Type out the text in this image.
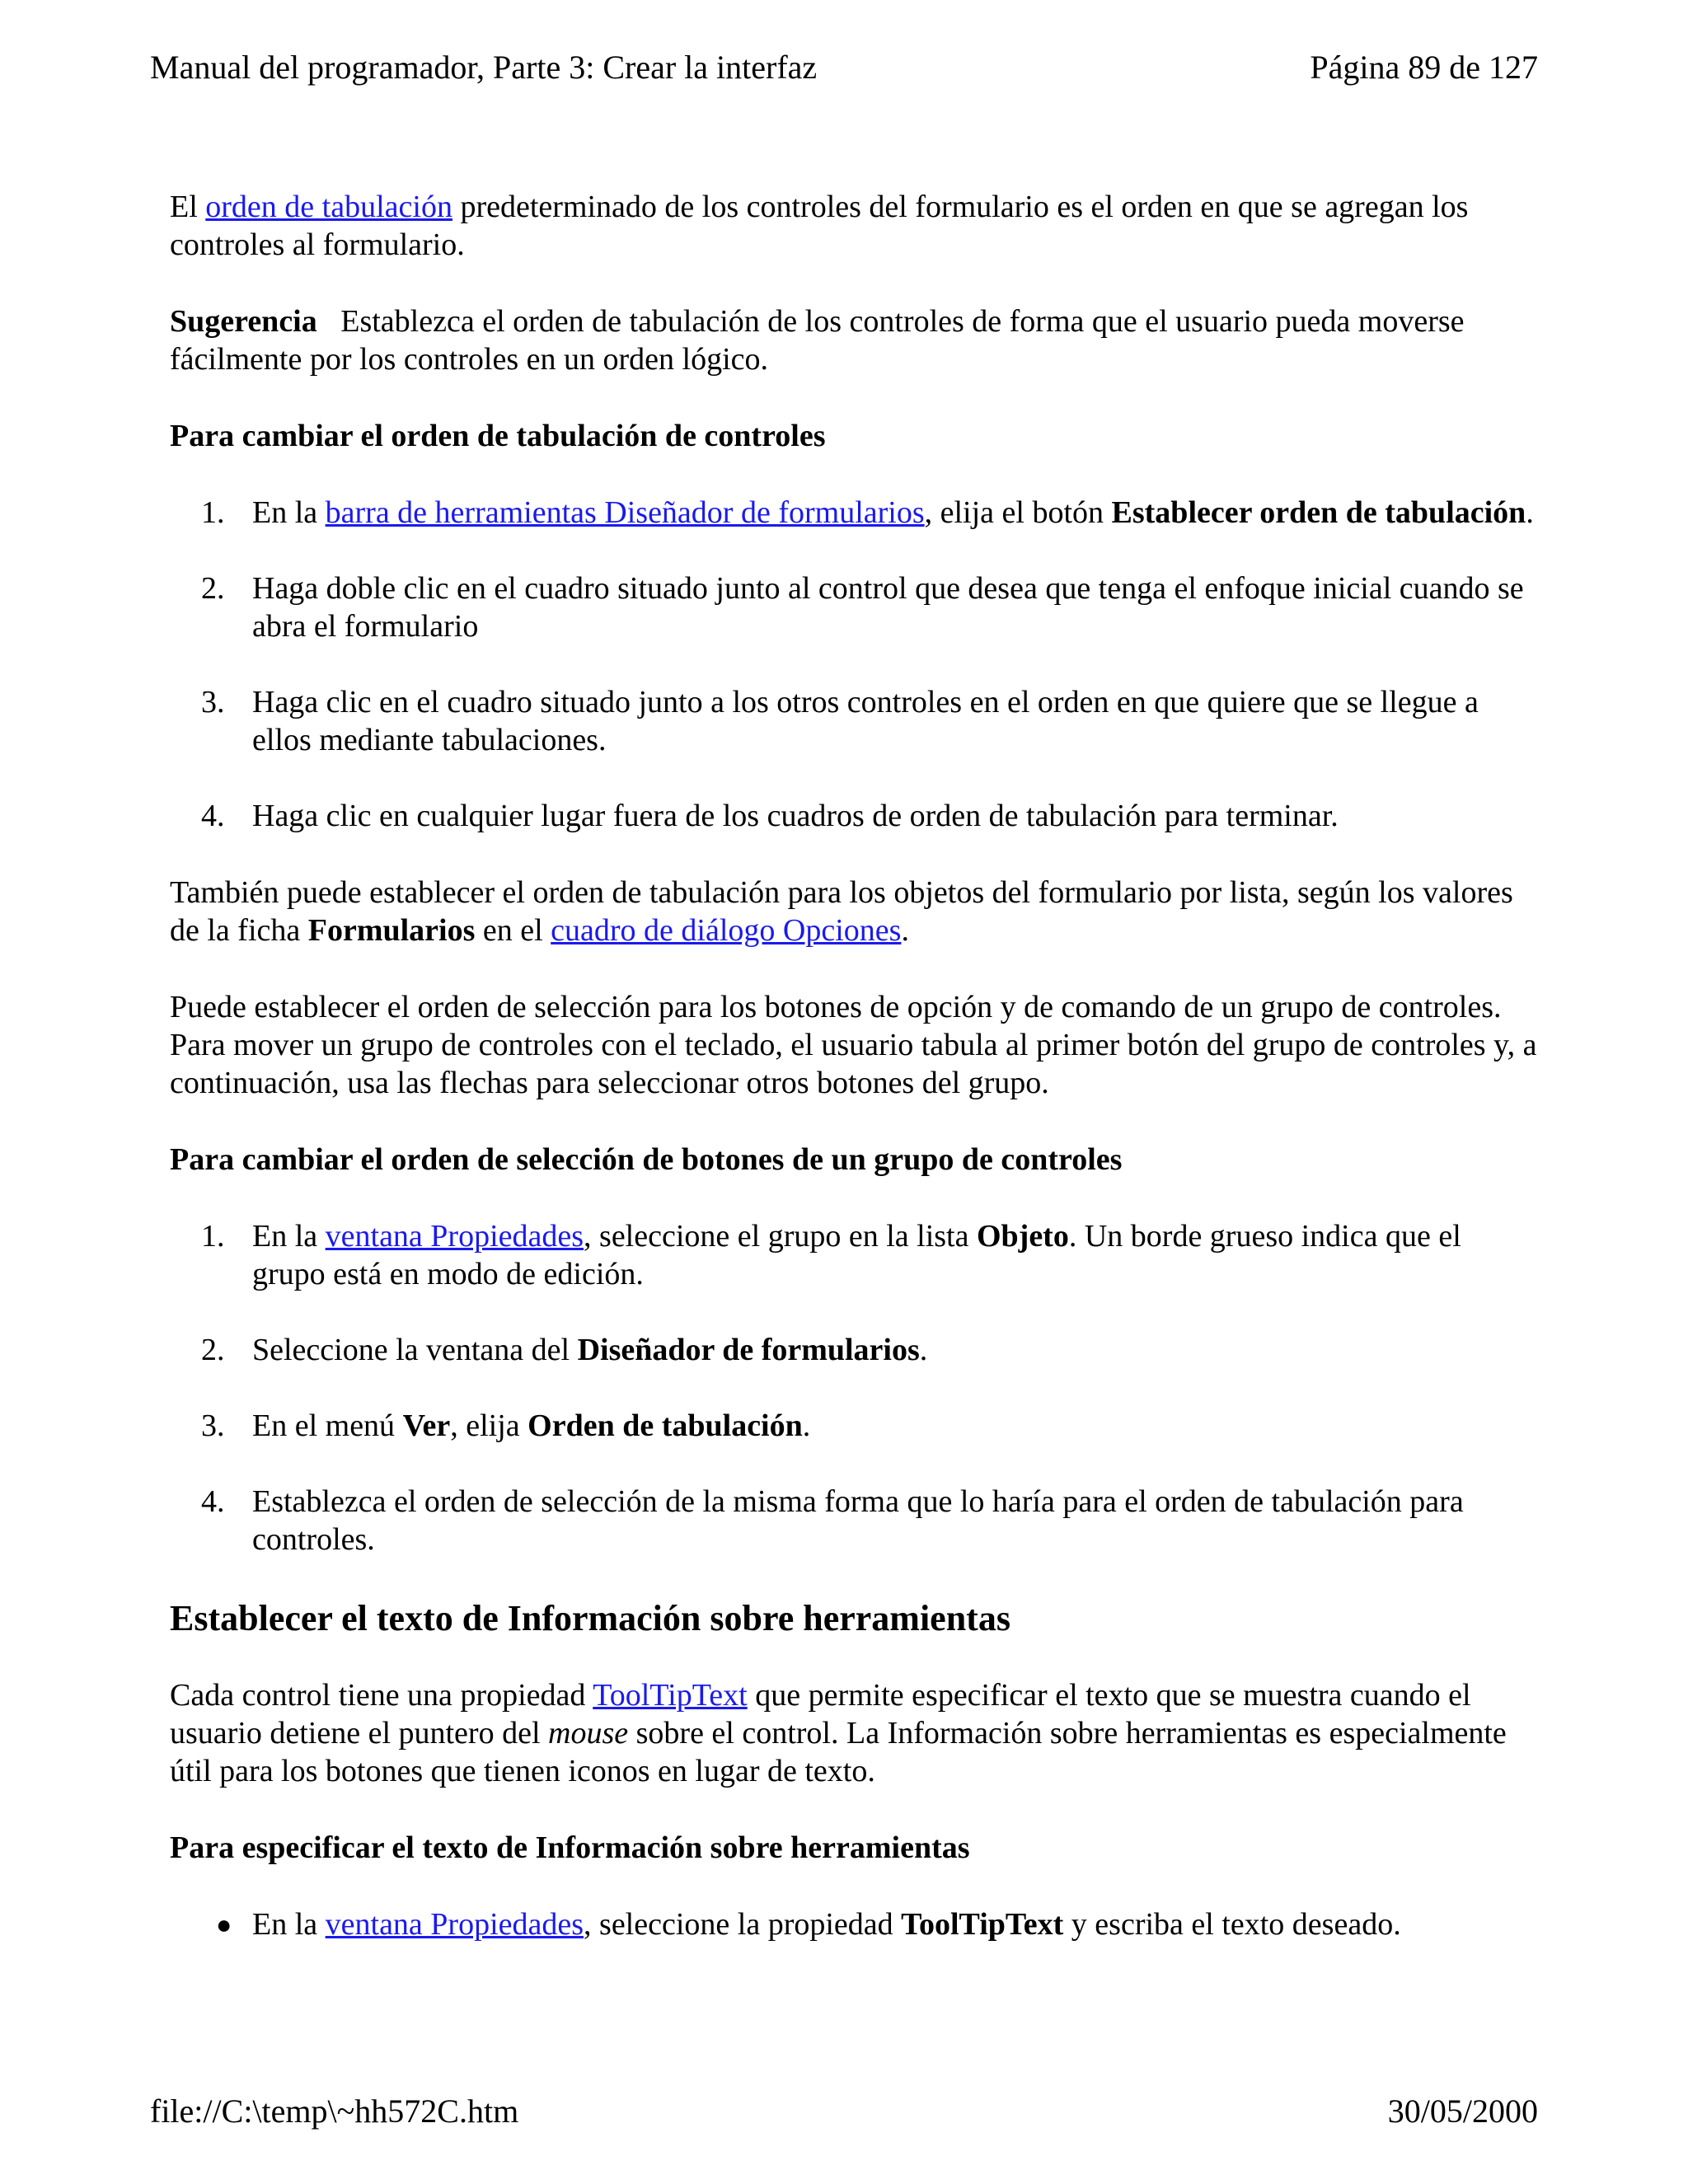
Manual del programador, Parte 3: Crear la interfaz	Página 89 de 127

El orden de tabulación predeterminado de los controles del formulario es el orden en que se agregan los controles al formulario.

Sugerencia   Establezca el orden de tabulación de los controles de forma que el usuario pueda moverse fácilmente por los controles en un orden lógico.

Para cambiar el orden de tabulación de controles

1. En la barra de herramientas Diseñador de formularios, elija el botón Establecer orden de tabulación.
2. Haga doble clic en el cuadro situado junto al control que desea que tenga el enfoque inicial cuando se abra el formulario
3. Haga clic en el cuadro situado junto a los otros controles en el orden en que quiere que se llegue a ellos mediante tabulaciones.
4. Haga clic en cualquier lugar fuera de los cuadros de orden de tabulación para terminar.

También puede establecer el orden de tabulación para los objetos del formulario por lista, según los valores de la ficha Formularios en el cuadro de diálogo Opciones.

Puede establecer el orden de selección para los botones de opción y de comando de un grupo de controles. Para mover un grupo de controles con el teclado, el usuario tabula al primer botón del grupo de controles y, a continuación, usa las flechas para seleccionar otros botones del grupo.

Para cambiar el orden de selección de botones de un grupo de controles

1. En la ventana Propiedades, seleccione el grupo en la lista Objeto. Un borde grueso indica que el grupo está en modo de edición.
2. Seleccione la ventana del Diseñador de formularios.
3. En el menú Ver, elija Orden de tabulación.
4. Establezca el orden de selección de la misma forma que lo haría para el orden de tabulación para controles.
Establecer el texto de Información sobre herramientas

Cada control tiene una propiedad ToolTipText que permite especificar el texto que se muestra cuando el usuario detiene el puntero del mouse sobre el control. La Información sobre herramientas es especialmente útil para los botones que tienen iconos en lugar de texto.

Para especificar el texto de Información sobre herramientas

● En la ventana Propiedades, seleccione la propiedad ToolTipText y escriba el texto deseado.
file://C:\temp\~hh572C.htm	30/05/2000
